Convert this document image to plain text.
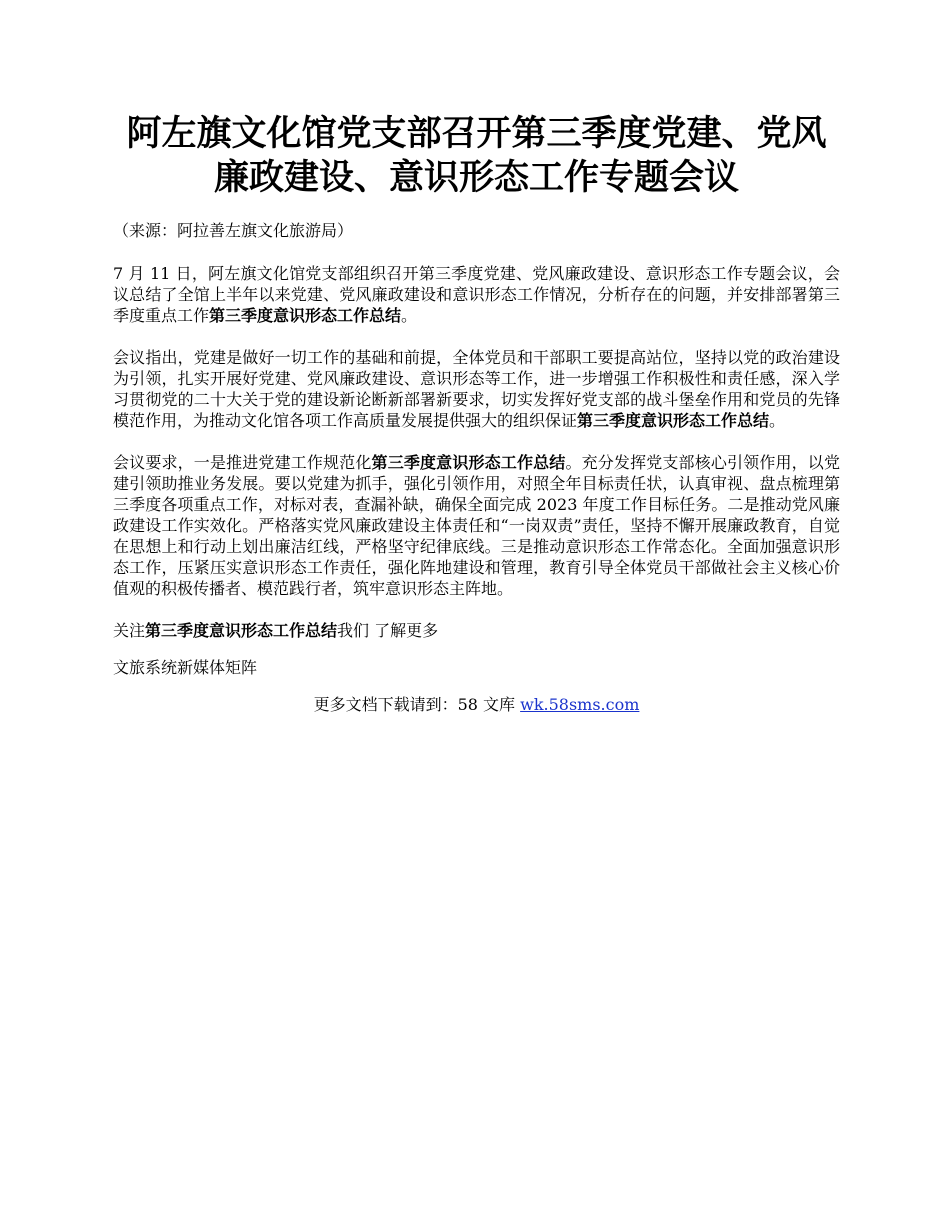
阿左旗文化馆党支部召开第三季度党建、党风廉政建设、意识形态工作专题会议
（来源：阿拉善左旗文化旅游局）

7 月 11 日，阿左旗文化馆党支部组织召开第三季度党建、党风廉政建设、意识形态工作专题会议，会议总结了全馆上半年以来党建、党风廉政建设和意识形态工作情况，分析存在的问题，并安排部署第三季度重点工作第三季度意识形态工作总结。

会议指出，党建是做好一切工作的基础和前提，全体党员和干部职工要提高站位，坚持以党的政治建设为引领，扎实开展好党建、党风廉政建设、意识形态等工作，进一步增强工作积极性和责任感，深入学习贯彻党的二十大关于党的建设新论断新部署新要求，切实发挥好党支部的战斗堡垒作用和党员的先锋模范作用，为推动文化馆各项工作高质量发展提供强大的组织保证第三季度意识形态工作总结。

会议要求，一是推进党建工作规范化第三季度意识形态工作总结。充分发挥党支部核心引领作用，以党建引领助推业务发展。要以党建为抓手，强化引领作用，对照全年目标责任状，认真审视、盘点梳理第三季度各项重点工作，对标对表，查漏补缺，确保全面完成 2023 年度工作目标任务。二是推动党风廉政建设工作实效化。严格落实党风廉政建设主体责任和“一岗双责”责任，坚持不懈开展廉政教育，自觉在思想上和行动上划出廉洁红线，严格坚守纪律底线。三是推动意识形态工作常态化。全面加强意识形态工作，压紧压实意识形态工作责任，强化阵地建设和管理，教育引导全体党员干部做社会主义核心价值观的积极传播者、模范践行者，筑牢意识形态主阵地。

关注第三季度意识形态工作总结我们 了解更多

文旅系统新媒体矩阵

更多文档下载请到：58 文库 wk.58sms.com
